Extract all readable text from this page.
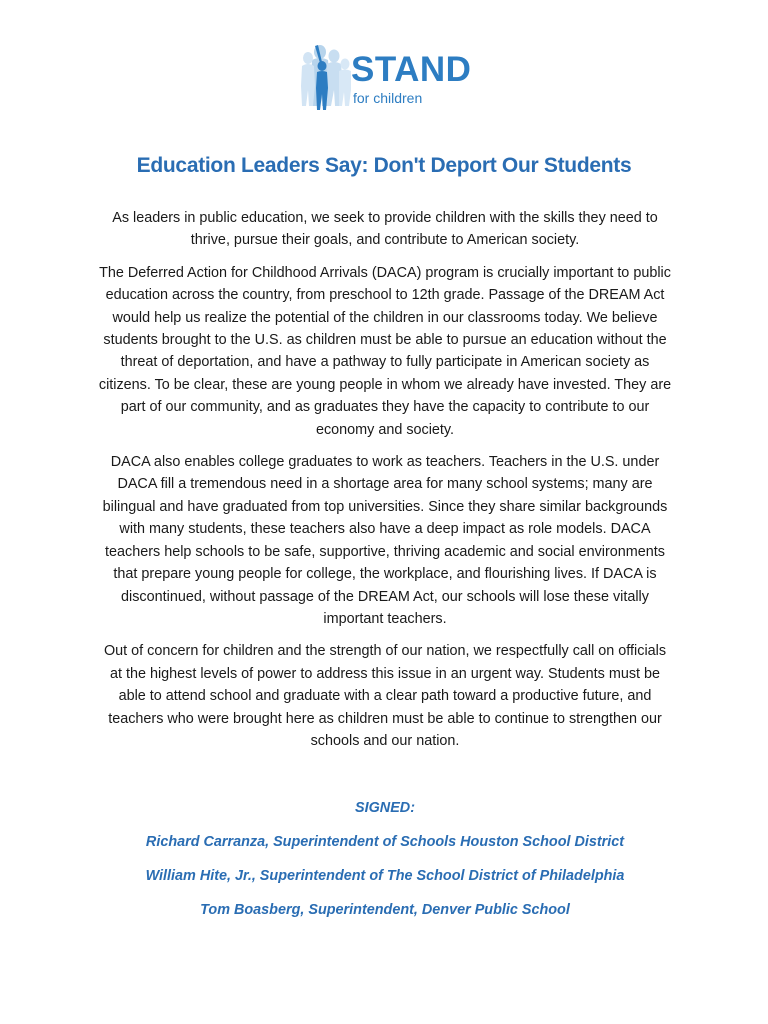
STAND
for children
Education Leaders Say: Don't Deport Our Students

As leaders in public education, we seek to provide children with the skills they need to thrive, pursue their goals, and contribute to American society.

The Deferred Action for Childhood Arrivals (DACA) program is crucially important to public education across the country, from preschool to 12th grade. Passage of the DREAM Act would help us realize the potential of the children in our classrooms today. We believe students brought to the U.S. as children must be able to pursue an education without the threat of deportation, and have a pathway to fully participate in American society as citizens. To be clear, these are young people in whom we already have invested. They are part of our community, and as graduates they have the capacity to contribute to our economy and society.

DACA also enables college graduates to work as teachers. Teachers in the U.S. under DACA fill a tremendous need in a shortage area for many school systems; many are bilingual and have graduated from top universities. Since they share similar backgrounds with many students, these teachers also have a deep impact as role models. DACA teachers help schools to be safe, supportive, thriving academic and social environments that prepare young people for college, the workplace, and flourishing lives. If DACA is discontinued, without passage of the DREAM Act, our schools will lose these vitally important teachers.

Out of concern for children and the strength of our nation, we respectfully call on officials at the highest levels of power to address this issue in an urgent way. Students must be able to attend school and graduate with a clear path toward a productive future, and teachers who were brought here as children must be able to continue to strengthen our schools and our nation.

SIGNED:

Richard Carranza, Superintendent of Schools Houston School District

William Hite, Jr., Superintendent of The School District of Philadelphia

Tom Boasberg, Superintendent, Denver Public School
